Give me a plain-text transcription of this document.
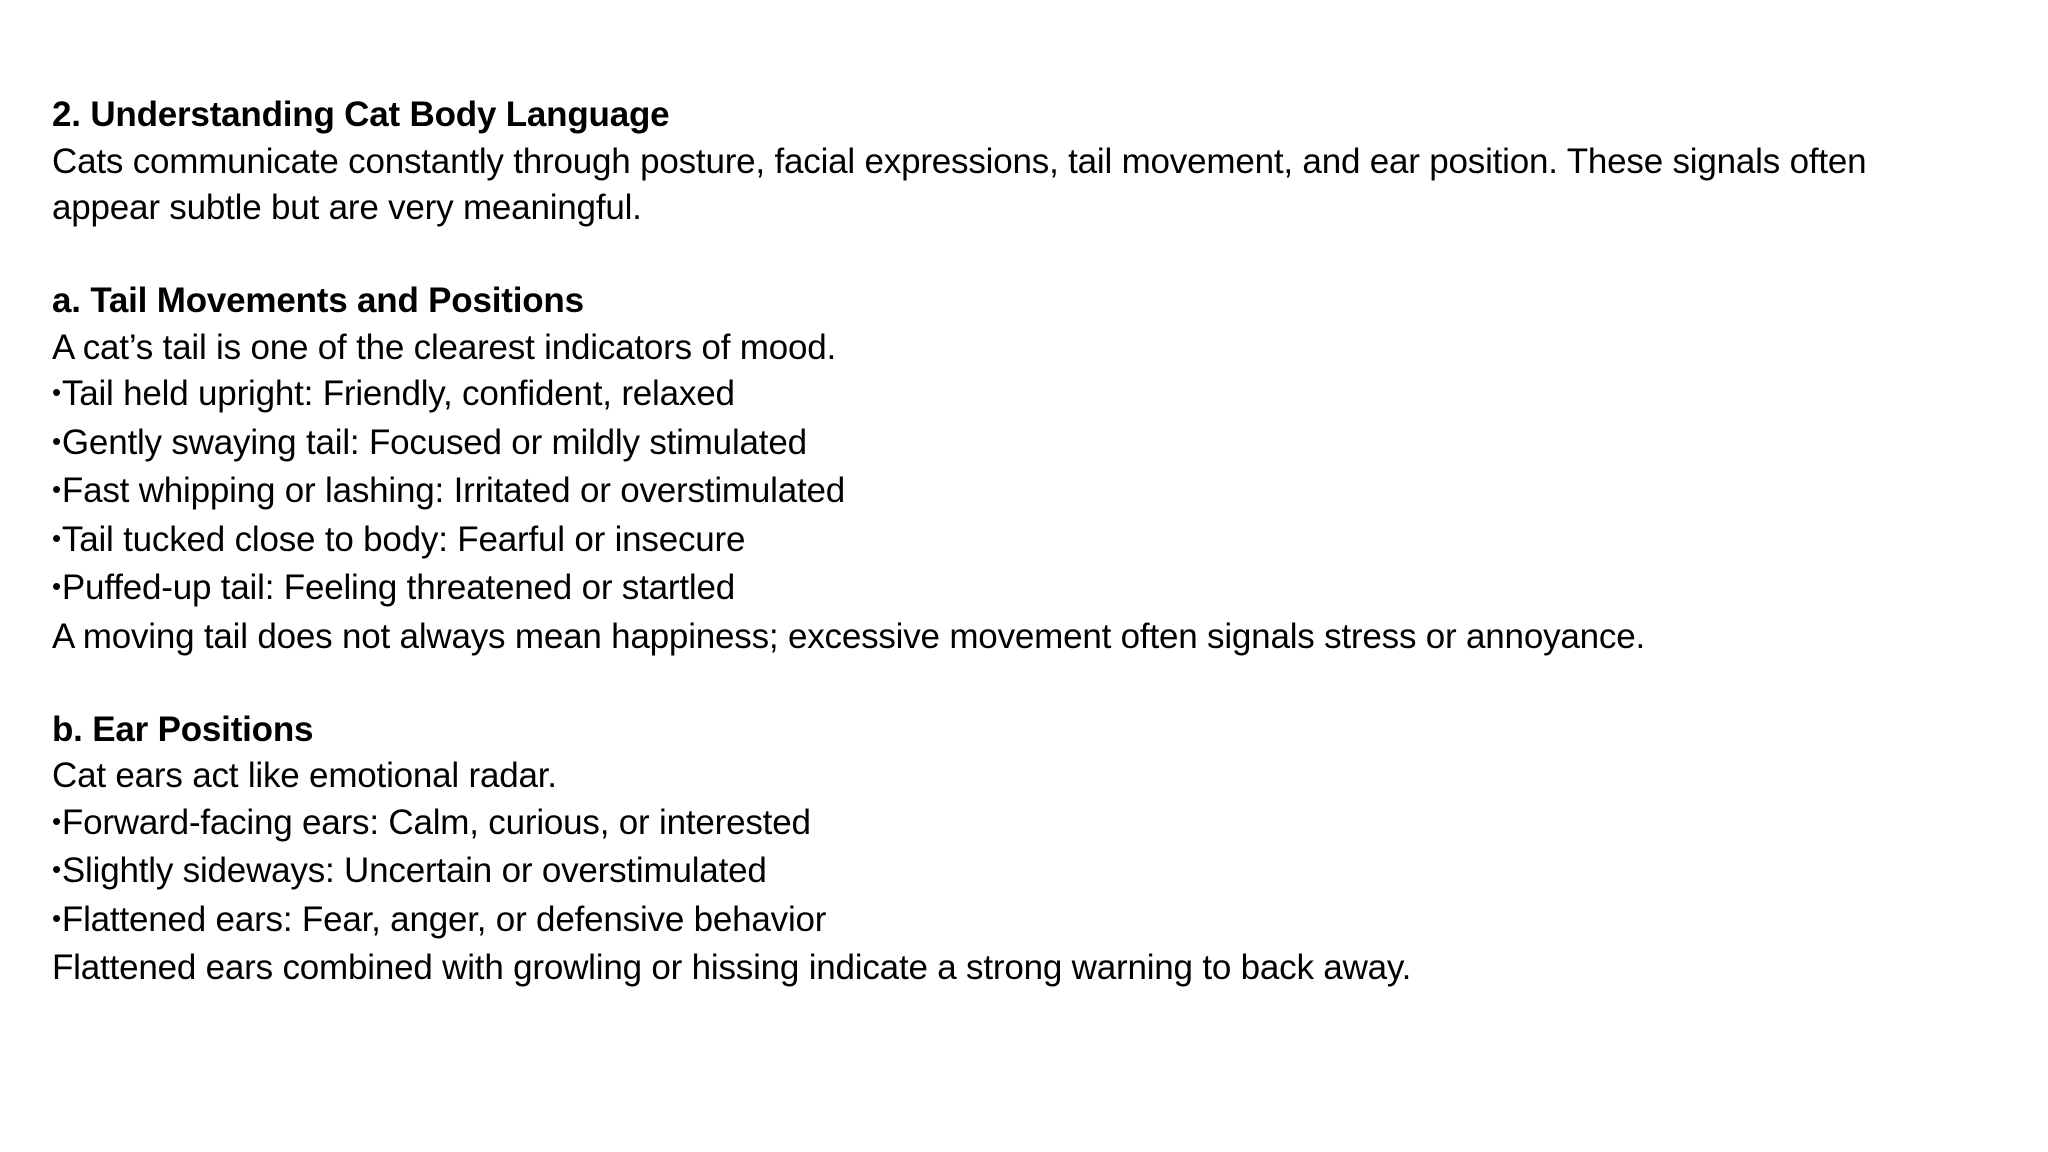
2. Understanding Cat Body Language
Cats communicate constantly through posture, facial expressions, tail movement, and ear position. These signals often
appear subtle but are very meaningful.
a. Tail Movements and Positions
A cat’s tail is one of the clearest indicators of mood.
•Tail held upright: Friendly, confident, relaxed
•Gently swaying tail: Focused or mildly stimulated
•Fast whipping or lashing: Irritated or overstimulated
•Tail tucked close to body: Fearful or insecure
•Puffed-up tail: Feeling threatened or startled
A moving tail does not always mean happiness; excessive movement often signals stress or annoyance.
b. Ear Positions
Cat ears act like emotional radar.
•Forward-facing ears: Calm, curious, or interested
•Slightly sideways: Uncertain or overstimulated
•Flattened ears: Fear, anger, or defensive behavior
Flattened ears combined with growling or hissing indicate a strong warning to back away.
